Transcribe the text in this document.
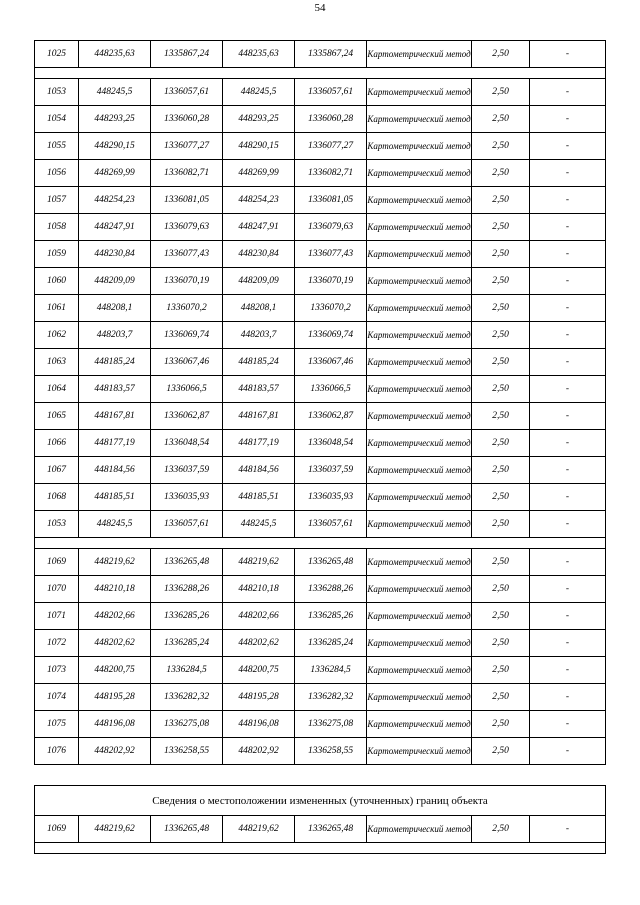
54
1025	448235,63	1335867,24	448235,63	1335867,24	Картометрический метод	2,50	-

1053	448245,5	1336057,61	448245,5	1336057,61	Картометрический метод	2,50	-
1054	448293,25	1336060,28	448293,25	1336060,28	Картометрический метод	2,50	-
1055	448290,15	1336077,27	448290,15	1336077,27	Картометрический метод	2,50	-
1056	448269,99	1336082,71	448269,99	1336082,71	Картометрический метод	2,50	-
1057	448254,23	1336081,05	448254,23	1336081,05	Картометрический метод	2,50	-
1058	448247,91	1336079,63	448247,91	1336079,63	Картометрический метод	2,50	-
1059	448230,84	1336077,43	448230,84	1336077,43	Картометрический метод	2,50	-
1060	448209,09	1336070,19	448209,09	1336070,19	Картометрический метод	2,50	-
1061	448208,1	1336070,2	448208,1	1336070,2	Картометрический метод	2,50	-
1062	448203,7	1336069,74	448203,7	1336069,74	Картометрический метод	2,50	-
1063	448185,24	1336067,46	448185,24	1336067,46	Картометрический метод	2,50	-
1064	448183,57	1336066,5	448183,57	1336066,5	Картометрический метод	2,50	-
1065	448167,81	1336062,87	448167,81	1336062,87	Картометрический метод	2,50	-
1066	448177,19	1336048,54	448177,19	1336048,54	Картометрический метод	2,50	-
1067	448184,56	1336037,59	448184,56	1336037,59	Картометрический метод	2,50	-
1068	448185,51	1336035,93	448185,51	1336035,93	Картометрический метод	2,50	-
1053	448245,5	1336057,61	448245,5	1336057,61	Картометрический метод	2,50	-

1069	448219,62	1336265,48	448219,62	1336265,48	Картометрический метод	2,50	-
1070	448210,18	1336288,26	448210,18	1336288,26	Картометрический метод	2,50	-
1071	448202,66	1336285,26	448202,66	1336285,26	Картометрический метод	2,50	-
1072	448202,62	1336285,24	448202,62	1336285,24	Картометрический метод	2,50	-
1073	448200,75	1336284,5	448200,75	1336284,5	Картометрический метод	2,50	-
1074	448195,28	1336282,32	448195,28	1336282,32	Картометрический метод	2,50	-
1075	448196,08	1336275,08	448196,08	1336275,08	Картометрический метод	2,50	-
1076	448202,92	1336258,55	448202,92	1336258,55	Картометрический метод	2,50	-
Сведения о местоположении измененных (уточненных) границ объекта
1069	448219,62	1336265,48	448219,62	1336265,48	Картометрический метод	2,50	-
